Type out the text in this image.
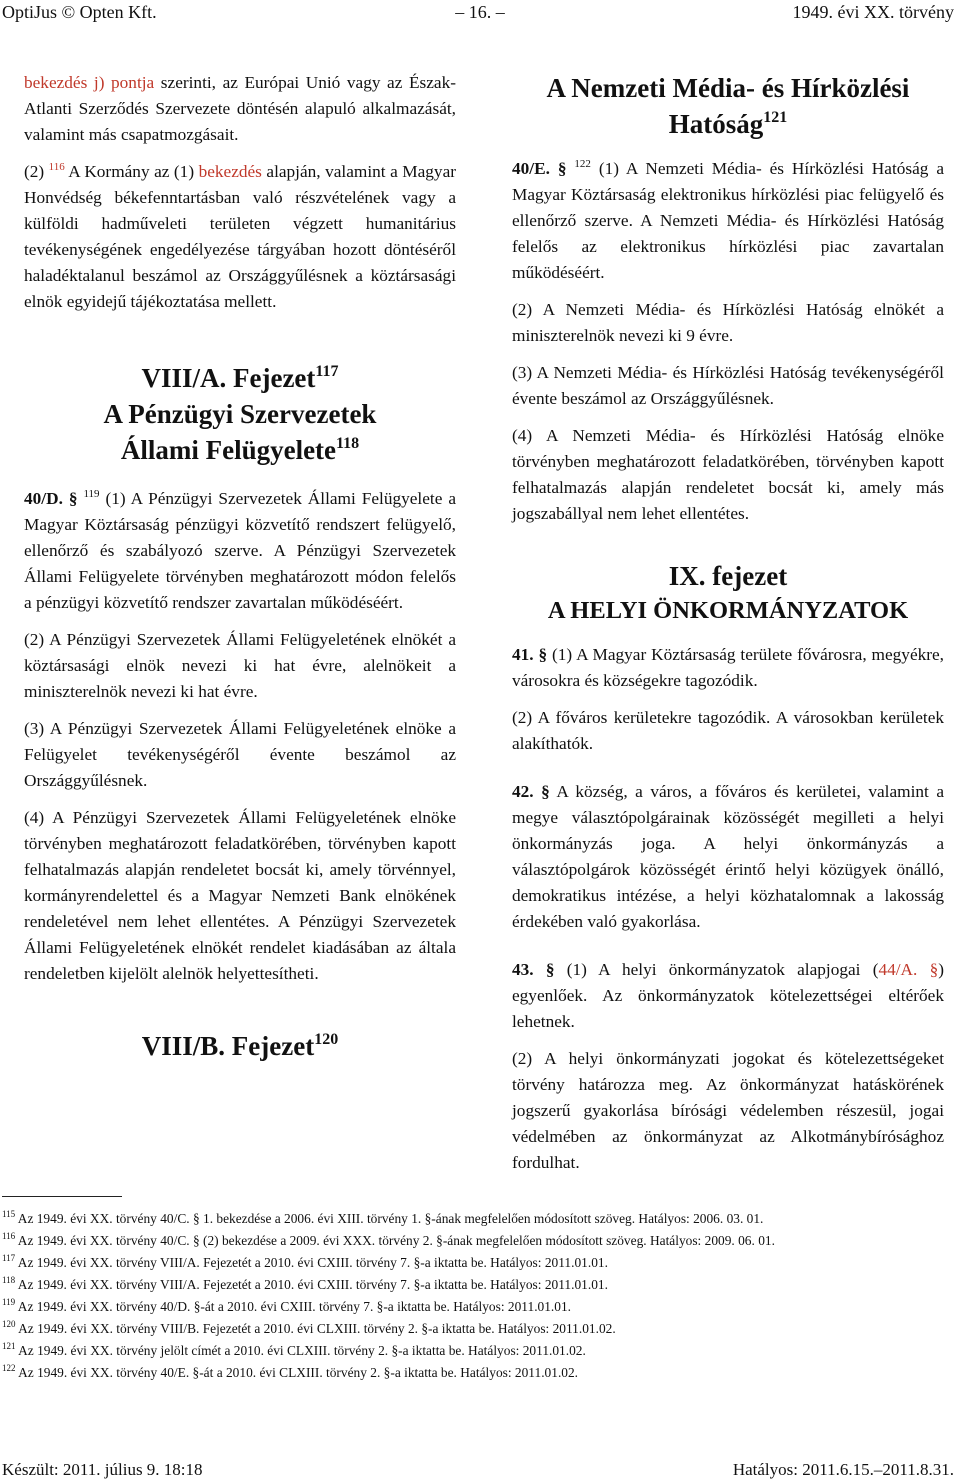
OptiJus © Opten Kft.	– 16. –	1949. évi XX. törvény

bekezdés j) pontja szerinti, az Európai Unió vagy az Észak-Atlanti Szerződés Szervezete döntésén alapuló alkalmazását, valamint más csapatmozgásait.

(2) $^{116}$ A Kormány az (1) bekezdés alapján, valamint a Magyar Honvédség békefenntartásban való részvételének vagy a külföldi hadműveleti területen végzett humanitárius tevékenységének engedélyezése tárgyában hozott döntéséről haladéktalanul beszámol az Országgyűlésnek a köztársasági elnök egyidejű tájékoztatása mellett.

VIII/A. Fejezet$^{117}$
A Pénzügyi Szervezetek Állami Felügyelete$^{118}$

40/D. § $^{119}$ (1) A Pénzügyi Szervezetek Állami Felügyelete a Magyar Köztársaság pénzügyi közvetítő rendszert felügyelő, ellenőrző és szabályozó szerve. A Pénzügyi Szervezetek Állami Felügyelete törvényben meghatározott módon felelős a pénzügyi közvetítő rendszer zavartalan működéséért.

(2) A Pénzügyi Szervezetek Állami Felügyeletének elnökét a köztársasági elnök nevezi ki hat évre, alelnökeit a miniszterelnök nevezi ki hat évre.

(3) A Pénzügyi Szervezetek Állami Felügyeletének elnöke a Felügyelet tevékenységéről évente beszámol az Országgyűlésnek.

(4) A Pénzügyi Szervezetek Állami Felügyeletének elnöke törvényben meghatározott feladatkörében, törvényben kapott felhatalmazás alapján rendeletet bocsát ki, amely törvénnyel, kormányrendelettel és a Magyar Nemzeti Bank elnökének rendeletével nem lehet ellentétes. A Pénzügyi Szervezetek Állami Felügyeletének elnökét rendelet kiadásában az általa rendeletben kijelölt alelnök helyettesítheti.

VIII/B. Fejezet$^{120}$
A Nemzeti Média- és Hírközlési Hatóság$^{121}$

40/E. § $^{122}$ (1) A Nemzeti Média- és Hírközlési Hatóság a Magyar Köztársaság elektronikus hírközlési piac felügyelő és ellenőrző szerve. A Nemzeti Média- és Hírközlési Hatóság felelős az elektronikus hírközlési piac zavartalan működéséért.

(2) A Nemzeti Média- és Hírközlési Hatóság elnökét a miniszterelnök nevezi ki 9 évre.

(3) A Nemzeti Média- és Hírközlési Hatóság tevékenységéről évente beszámol az Országgyűlésnek.

(4) A Nemzeti Média- és Hírközlési Hatóság elnöke törvényben meghatározott feladatkörében, törvényben kapott felhatalmazás alapján rendeletet bocsát ki, amely más jogszabállyal nem lehet ellentétes.

IX. fejezet
A HELYI ÖNKORMÁNYZATOK

41. § (1) A Magyar Köztársaság területe fővárosra, megyékre, városokra és községekre tagozódik.

(2) A főváros kerületekre tagozódik. A városokban kerületek alakíthatók.

42. § A község, a város, a főváros és kerületei, valamint a megye választópolgárainak közösségét megilleti a helyi önkormányzás joga. A helyi önkormányzás a választópolgárok közösségét érintő helyi közügyek önálló, demokratikus intézése, a helyi közhatalomnak a lakosság érdekében való gyakorlása.

43. § (1) A helyi önkormányzatok alapjogai (44/A. §) egyenlőek. Az önkormányzatok kötelezettségei eltérőek lehetnek.

(2) A helyi önkormányzati jogokat és kötelezettségeket törvény határozza meg. Az önkormányzat hatáskörének jogszerű gyakorlása bírósági védelemben részesül, jogai védelmében az önkormányzat az Alkotmánybírósághoz fordulhat.

$^{115}$ Az 1949. évi XX. törvény 40/C. § 1. bekezdése a 2006. évi XIII. törvény 1. §-ának megfelelően módosított szöveg. Hatályos: 2006. 03. 01.
$^{116}$ Az 1949. évi XX. törvény 40/C. § (2) bekezdése a 2009. évi XXX. törvény 2. §-ának megfelelően módosított szöveg. Hatályos: 2009. 06. 01.
$^{117}$ Az 1949. évi XX. törvény VIII/A. Fejezetét a 2010. évi CXIII. törvény 7. §-a iktatta be. Hatályos: 2011.01.01.
$^{118}$ Az 1949. évi XX. törvény VIII/A. Fejezetét a 2010. évi CXIII. törvény 7. §-a iktatta be. Hatályos: 2011.01.01.
$^{119}$ Az 1949. évi XX. törvény 40/D. §-át a 2010. évi CXIII. törvény 7. §-a iktatta be. Hatályos: 2011.01.01.
$^{120}$ Az 1949. évi XX. törvény VIII/B. Fejezetét a 2010. évi CLXIII. törvény 2. §-a iktatta be. Hatályos: 2011.01.02.
$^{121}$ Az 1949. évi XX. törvény jelölt címét a 2010. évi CLXIII. törvény 2. §-a iktatta be. Hatályos: 2011.01.02.
$^{122}$ Az 1949. évi XX. törvény 40/E. §-át a 2010. évi CLXIII. törvény 2. §-a iktatta be. Hatályos: 2011.01.02.
Készült: 2011. július 9. 18:18	Hatályos: 2011.6.15.–2011.8.31.
